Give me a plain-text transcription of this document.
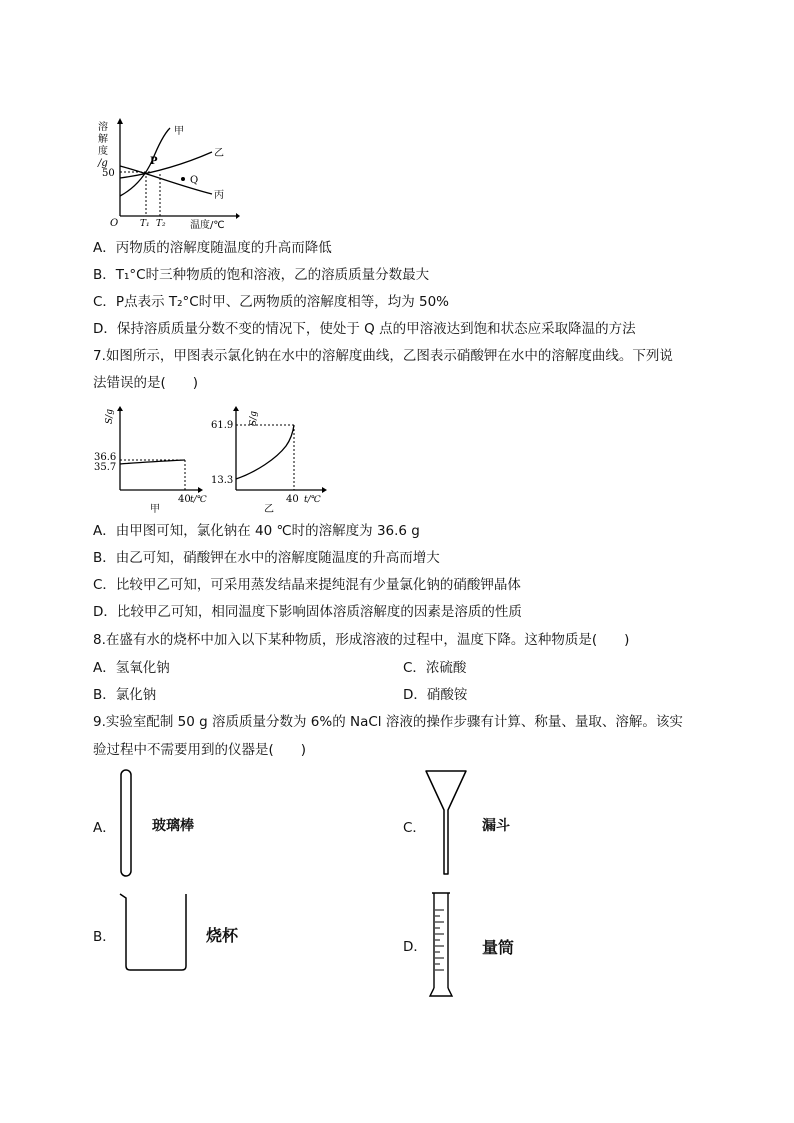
溶
解
度
/g
50
甲
乙
丙
P
Q
O T₁ T₂ 温度/℃
A．丙物质的溶解度随温度的升高而降低
B．T₁°C时三种物质的饱和溶液，乙的溶质质量分数最大
C．P点表示 T₂°C时甲、乙两物质的溶解度相等，均为 50%
D．保持溶质质量分数不变的情况下，使处于 Q 点的甲溶液达到饱和状态应采取降温的方法
7.如图所示，甲图表示氯化钠在水中的溶解度曲线，乙图表示硝酸钾在水中的溶解度曲线。下列说
法错误的是(　　)
S/g
36.6
35.7
40 t/℃
甲
S/g
61.9
13.3
40 t/℃
乙
A．由甲图可知，氯化钠在 40 ℃时的溶解度为 36.6 g
B．由乙可知，硝酸钾在水中的溶解度随温度的升高而增大
C．比较甲乙可知，可采用蒸发结晶来提纯混有少量氯化钠的硝酸钾晶体
D．比较甲乙可知，相同温度下影响固体溶质溶解度的因素是溶质的性质
8.在盛有水的烧杯中加入以下某种物质，形成溶液的过程中，温度下降。这种物质是(　　)
A．氢氧化钠	C．浓硫酸
B．氯化钠	D．硝酸铵
9.实验室配制 50 g 溶质质量分数为 6%的 NaCl 溶液的操作步骤有计算、称量、量取、溶解。该实
验过程中不需要用到的仪器是(　　)
A．	玻璃棒	C．	漏斗
B．	烧杯
D．	量筒
